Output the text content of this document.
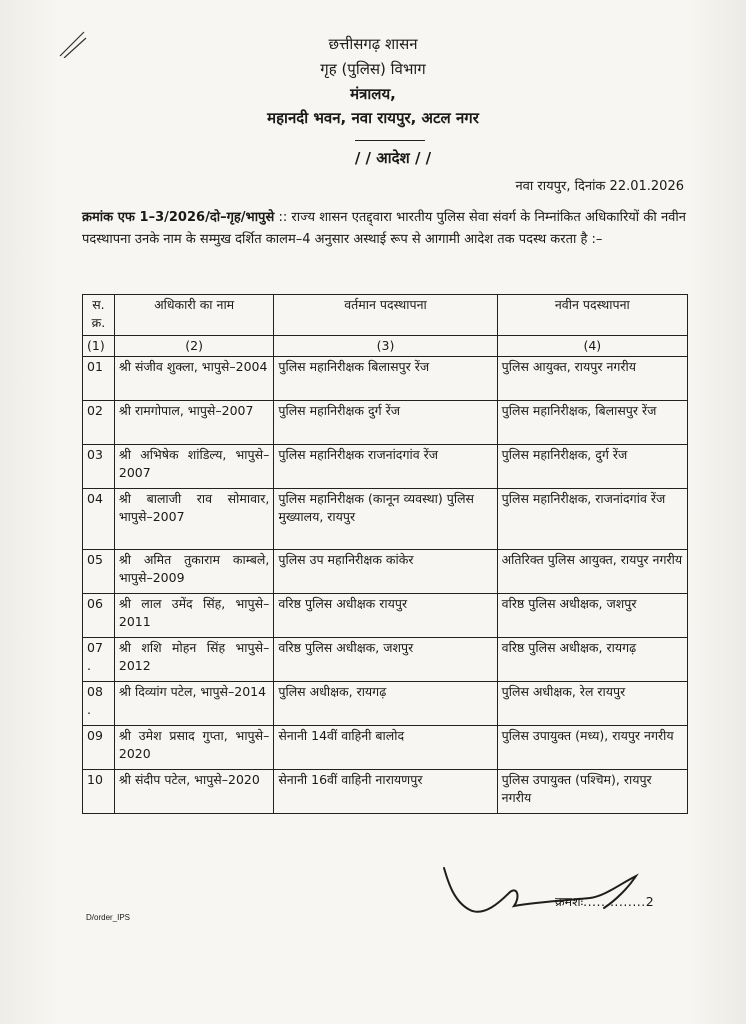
छत्तीसगढ़ शासन
गृह (पुलिस) विभाग
मंत्रालय,
महानदी भवन, नवा रायपुर, अटल नगर
/ / आदेश / /
नवा रायपुर, दिनांक 22.01.2026
क्रमांक एफ 1–3/2026/दो–गृह/भापुसे :: राज्य शासन एतद्द्वारा भारतीय पुलिस सेवा संवर्ग के निम्नांकित अधिकारियों की नवीन पदस्थापना उनके नाम के सम्मुख दर्शित कालम–4 अनुसार अस्थाई रूप से आगामी आदेश तक पदस्थ करता है :–
स. क्र.	अधिकारी का नाम	वर्तमान पदस्थापना	नवीन पदस्थापना
(1)	(2)	(3)	(4)
01	श्री संजीव शुक्ला, भापुसे–2004	पुलिस महानिरीक्षक बिलासपुर रेंज	पुलिस आयुक्त, रायपुर नगरीय
02	श्री रामगोपाल, भापुसे–2007	पुलिस महानिरीक्षक दुर्ग रेंज	पुलिस महानिरीक्षक, बिलासपुर रेंज
03	श्री अभिषेक शांडिल्य, भापुसे–2007	पुलिस महानिरीक्षक राजनांदगांव रेंज	पुलिस महानिरीक्षक, दुर्ग रेंज
04	श्री बालाजी राव सोमावार, भापुसे–2007	पुलिस महानिरीक्षक (कानून व्यवस्था) पुलिस मुख्यालय, रायपुर	पुलिस महानिरीक्षक, राजनांदगांव रेंज
05	श्री अमित तुकाराम काम्बले, भापुसे–2009	पुलिस उप महानिरीक्षक कांकेर	अतिरिक्त पुलिस आयुक्त, रायपुर नगरीय
06	श्री लाल उमेंद सिंह, भापुसे–2011	वरिष्ठ पुलिस अधीक्षक रायपुर	वरिष्ठ पुलिस अधीक्षक, जशपुर
07 .	श्री शशि मोहन सिंह भापुसे– 2012	वरिष्ठ पुलिस अधीक्षक, जशपुर	वरिष्ठ पुलिस अधीक्षक, रायगढ़
08 .	श्री दिव्यांग पटेल, भापुसे–2014	पुलिस अधीक्षक, रायगढ़	पुलिस अधीक्षक, रेल रायपुर
09	श्री उमेश प्रसाद गुप्ता, भापुसे–2020	सेनानी 14वीं वाहिनी बालोद	पुलिस उपायुक्त (मध्य), रायपुर नगरीय
10	श्री संदीप पटेल, भापुसे–2020	सेनानी 16वीं वाहिनी नारायणपुर	पुलिस उपायुक्त (पश्चिम), रायपुर नगरीय
D/order_IPS
क्रमशः..............2
